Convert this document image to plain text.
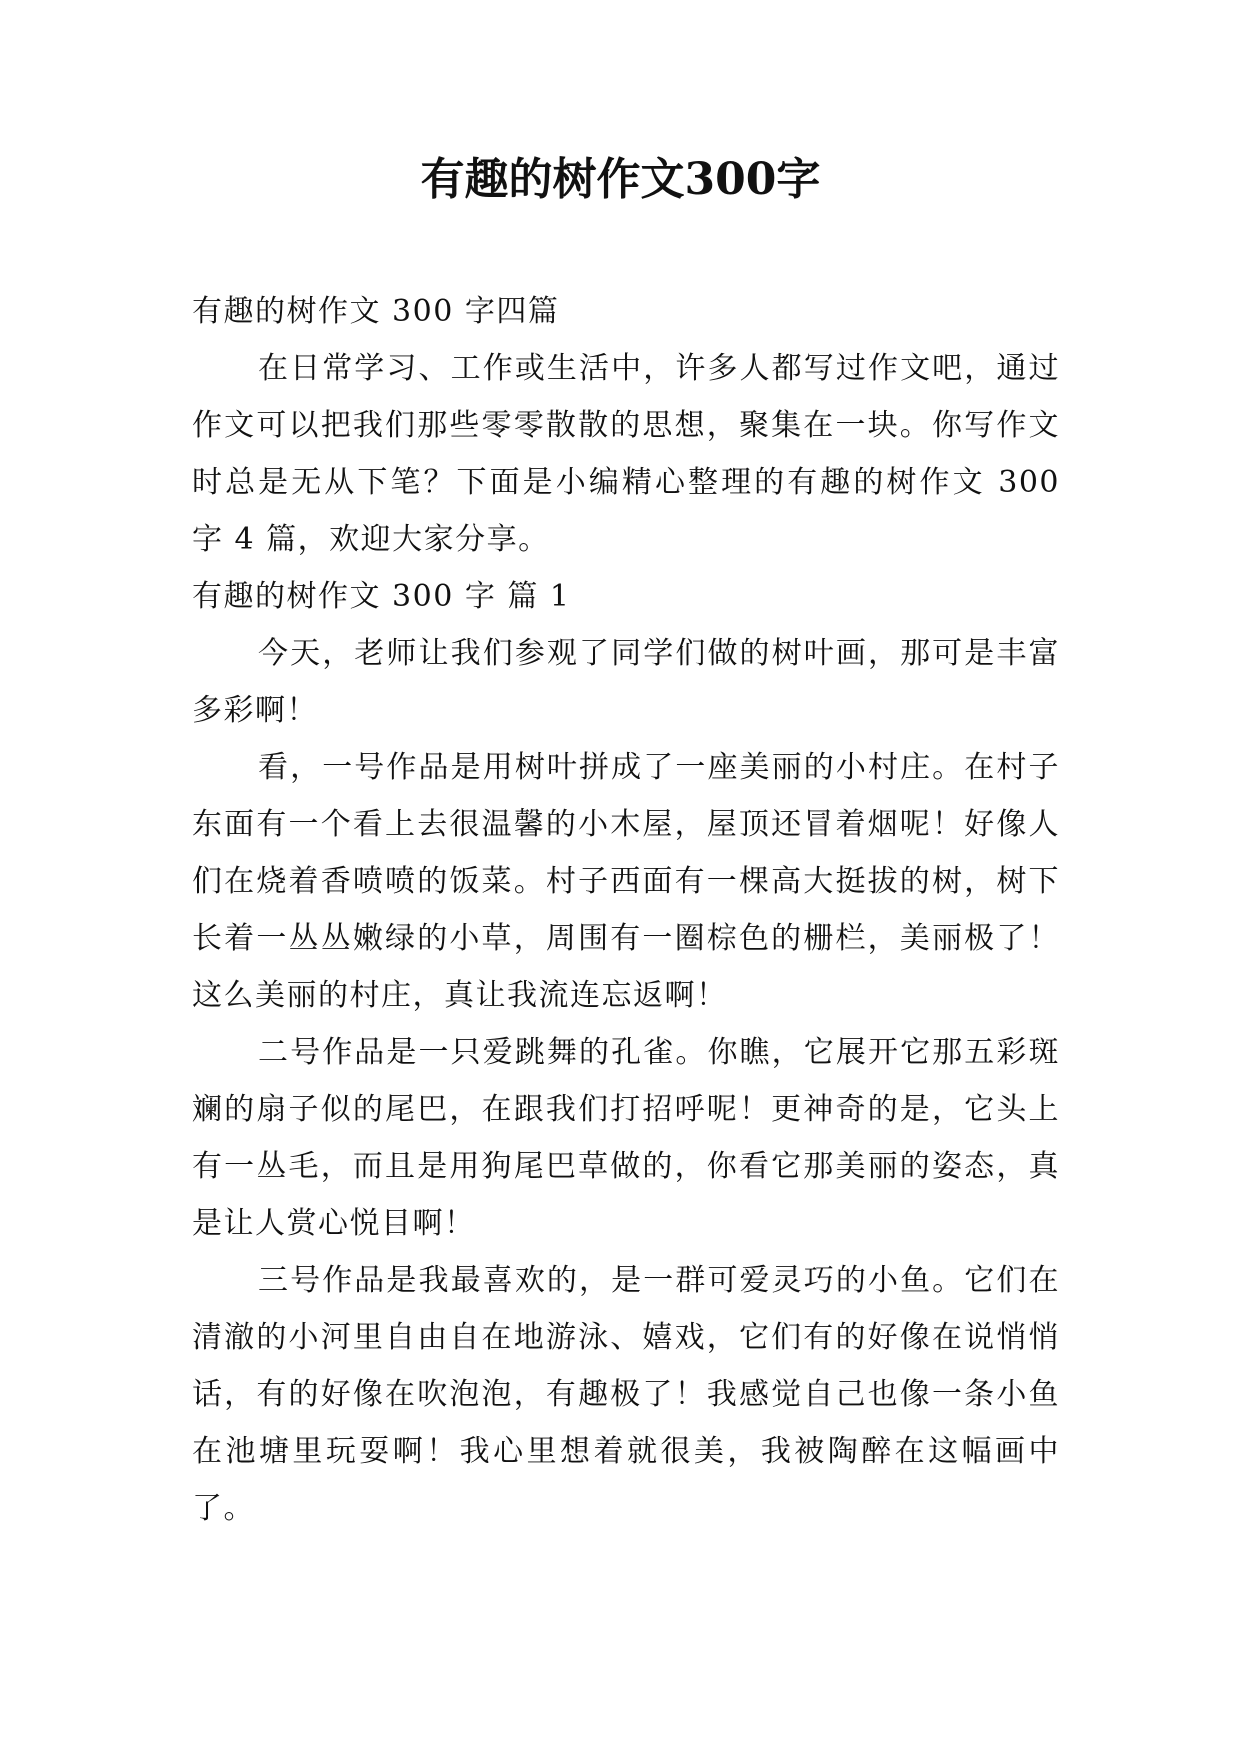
有趣的树作文300字

有趣的树作文 300 字四篇

在日常学习、工作或生活中，许多人都写过作文吧，通过作文可以把我们那些零零散散的思想，聚集在一块。你写作文时总是无从下笔？下面是小编精心整理的有趣的树作文 300 字 4 篇，欢迎大家分享。

有趣的树作文 300 字 篇 1

今天，老师让我们参观了同学们做的树叶画，那可是丰富多彩啊！

看，一号作品是用树叶拼成了一座美丽的小村庄。在村子东面有一个看上去很温馨的小木屋，屋顶还冒着烟呢！好像人们在烧着香喷喷的饭菜。村子西面有一棵高大挺拔的树，树下长着一丛丛嫩绿的小草，周围有一圈棕色的栅栏，美丽极了！这么美丽的村庄，真让我流连忘返啊！

二号作品是一只爱跳舞的孔雀。你瞧，它展开它那五彩斑斓的扇子似的尾巴，在跟我们打招呼呢！更神奇的是，它头上有一丛毛，而且是用狗尾巴草做的，你看它那美丽的姿态，真是让人赏心悦目啊！

三号作品是我最喜欢的，是一群可爱灵巧的小鱼。它们在清澈的小河里自由自在地游泳、嬉戏，它们有的好像在说悄悄话，有的好像在吹泡泡，有趣极了！我感觉自己也像一条小鱼在池塘里玩耍啊！我心里想着就很美，我被陶醉在这幅画中了。
